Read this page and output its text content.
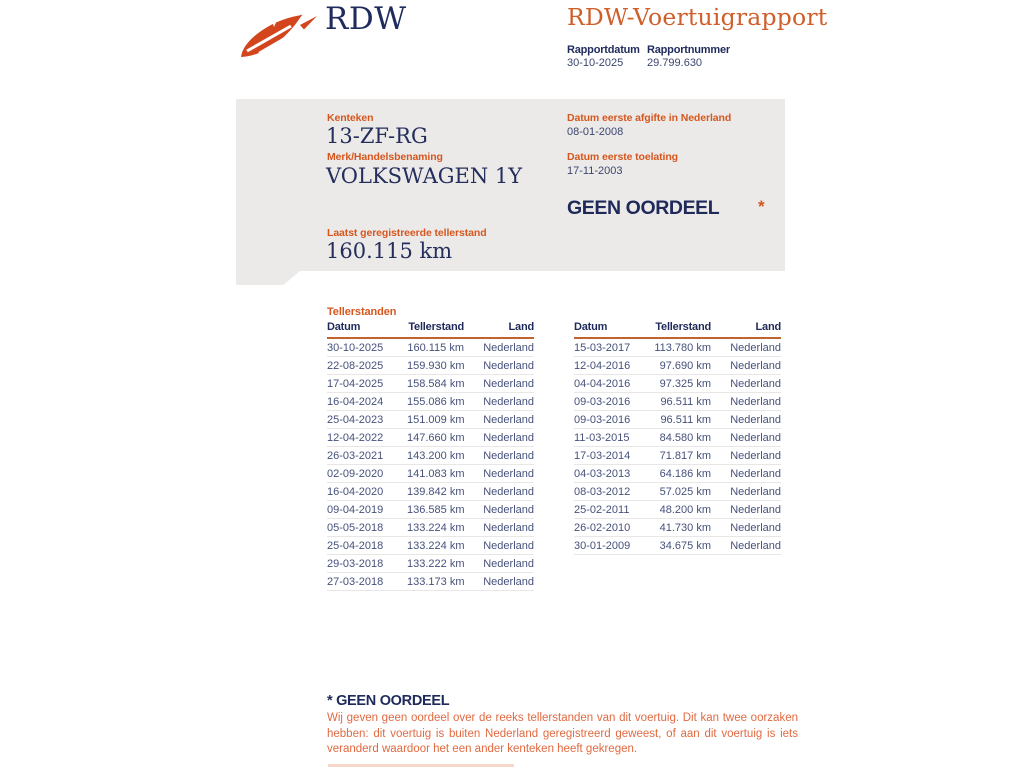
RDW	RDW-Voertuigrapport
Rapportdatum Rapportnummer
30-10-2025 29.799.630
Kenteken
13-ZF-RG
Merk/Handelsbenaming
VOLKSWAGEN 1Y
Laatst geregistreerde tellerstand
160.115 km
Datum eerste afgifte in Nederland
08-01-2008
Datum eerste toelating
17-11-2003
GEEN OORDEEL *
Tellerstanden
Datum	Tellerstand	Land
30-10-2025	160.115 km	Nederland
22-08-2025	159.930 km	Nederland
17-04-2025	158.584 km	Nederland
16-04-2024	155.086 km	Nederland
25-04-2023	151.009 km	Nederland
12-04-2022	147.660 km	Nederland
26-03-2021	143.200 km	Nederland
02-09-2020	141.083 km	Nederland
16-04-2020	139.842 km	Nederland
09-04-2019	136.585 km	Nederland
05-05-2018	133.224 km	Nederland
25-04-2018	133.224 km	Nederland
29-03-2018	133.222 km	Nederland
27-03-2018	133.173 km	Nederland
Datum	Tellerstand	Land
15-03-2017	113.780 km	Nederland
12-04-2016	97.690 km	Nederland
04-04-2016	97.325 km	Nederland
09-03-2016	96.511 km	Nederland
09-03-2016	96.511 km	Nederland
11-03-2015	84.580 km	Nederland
17-03-2014	71.817 km	Nederland
04-03-2013	64.186 km	Nederland
08-03-2012	57.025 km	Nederland
25-02-2011	48.200 km	Nederland
26-02-2010	41.730 km	Nederland
30-01-2009	34.675 km	Nederland
* GEEN OORDEEL
Wij geven geen oordeel over de reeks tellerstanden van dit voertuig. Dit kan twee oorzaken hebben: dit voertuig is buiten Nederland geregistreerd geweest, of aan dit voertuig is iets veranderd waardoor het een ander kenteken heeft gekregen.
